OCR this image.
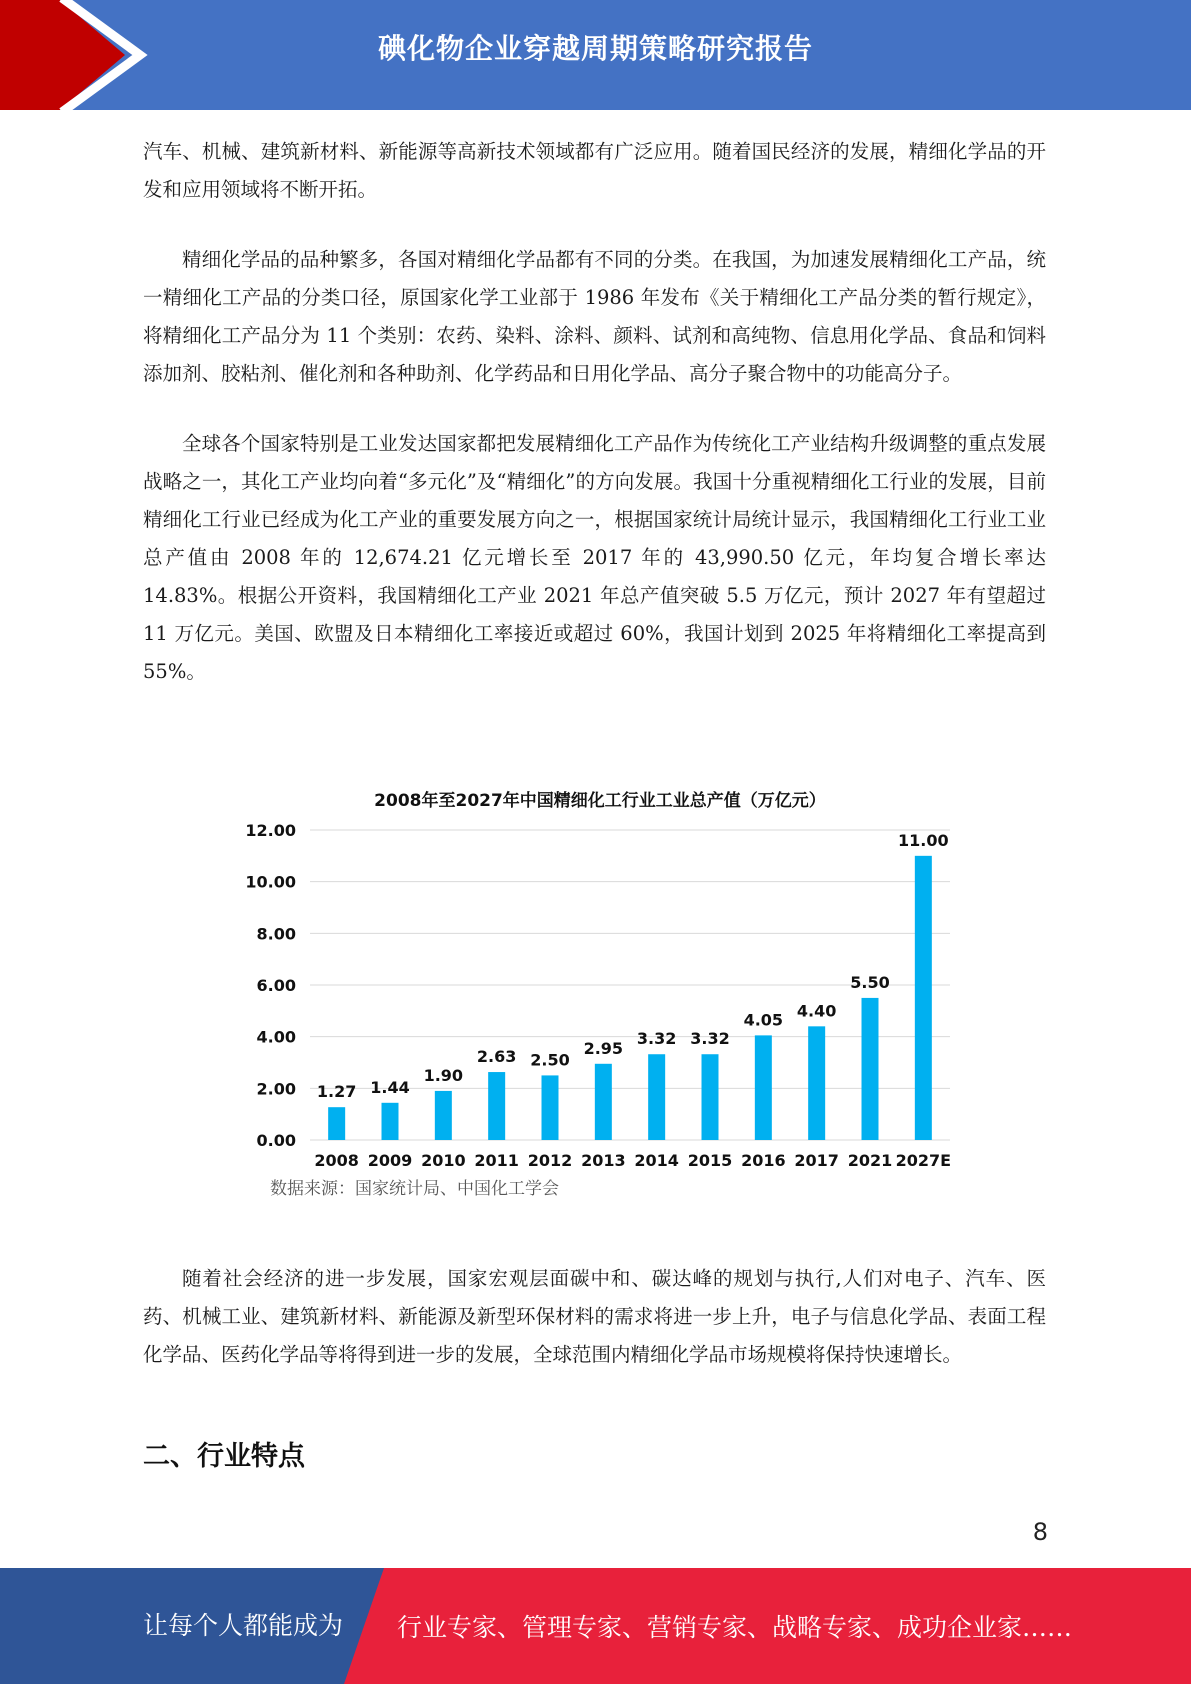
碘化物企业穿越周期策略研究报告

汽车、机械、建筑新材料、新能源等高新技术领域都有广泛应用。随着国民经济的发展，精细化学品的开发和应用领域将不断开拓。

精细化学品的品种繁多，各国对精细化学品都有不同的分类。在我国，为加速发展精细化工产品，统一精细化工产品的分类口径，原国家化学工业部于 1986 年发布《关于精细化工产品分类的暂行规定》，将精细化工产品分为 11 个类别：农药、染料、涂料、颜料、试剂和高纯物、信息用化学品、食品和饲料添加剂、胶粘剂、催化剂和各种助剂、化学药品和日用化学品、高分子聚合物中的功能高分子。

全球各个国家特别是工业发达国家都把发展精细化工产品作为传统化工产业结构升级调整的重点发展战略之一，其化工产业均向着“多元化”及“精细化”的方向发展。我国十分重视精细化工行业的发展，目前精细化工行业已经成为化工产业的重要发展方向之一，根据国家统计局统计显示，我国精细化工行业工业总产值由 2008 年的 12,674.21 亿元增长至 2017 年的 43,990.50 亿元，年均复合增长率达 14.83%。根据公开资料，我国精细化工产业 2021 年总产值突破 5.5 万亿元，预计 2027 年有望超过 11 万亿元。美国、欧盟及日本精细化工率接近或超过 60%，我国计划到 2025 年将精细化工率提高到 55%。

2008年至2027年中国精细化工行业工业总产值（万亿元）
0.00
2.00
4.00
6.00
8.00
10.00
12.00
1.27
2008
1.44
2009
1.90
2010
2.63
2011
2.50
2012
2.95
2013
3.32
2014
3.32
2015
4.05
2016
4.40
2017
5.50
2021
11.00
2027E
数据来源：国家统计局、中国化工学会

随着社会经济的进一步发展，国家宏观层面碳中和、碳达峰的规划与执行,人们对电子、汽车、医药、机械工业、建筑新材料、新能源及新型环保材料的需求将进一步上升，电子与信息化学品、表面工程化学品、医药化学品等将得到进一步的发展，全球范围内精细化学品市场规模将保持快速增长。

二、行业特点
8
让每个人都能成为 行业专家、管理专家、营销专家、战略专家、成功企业家……
